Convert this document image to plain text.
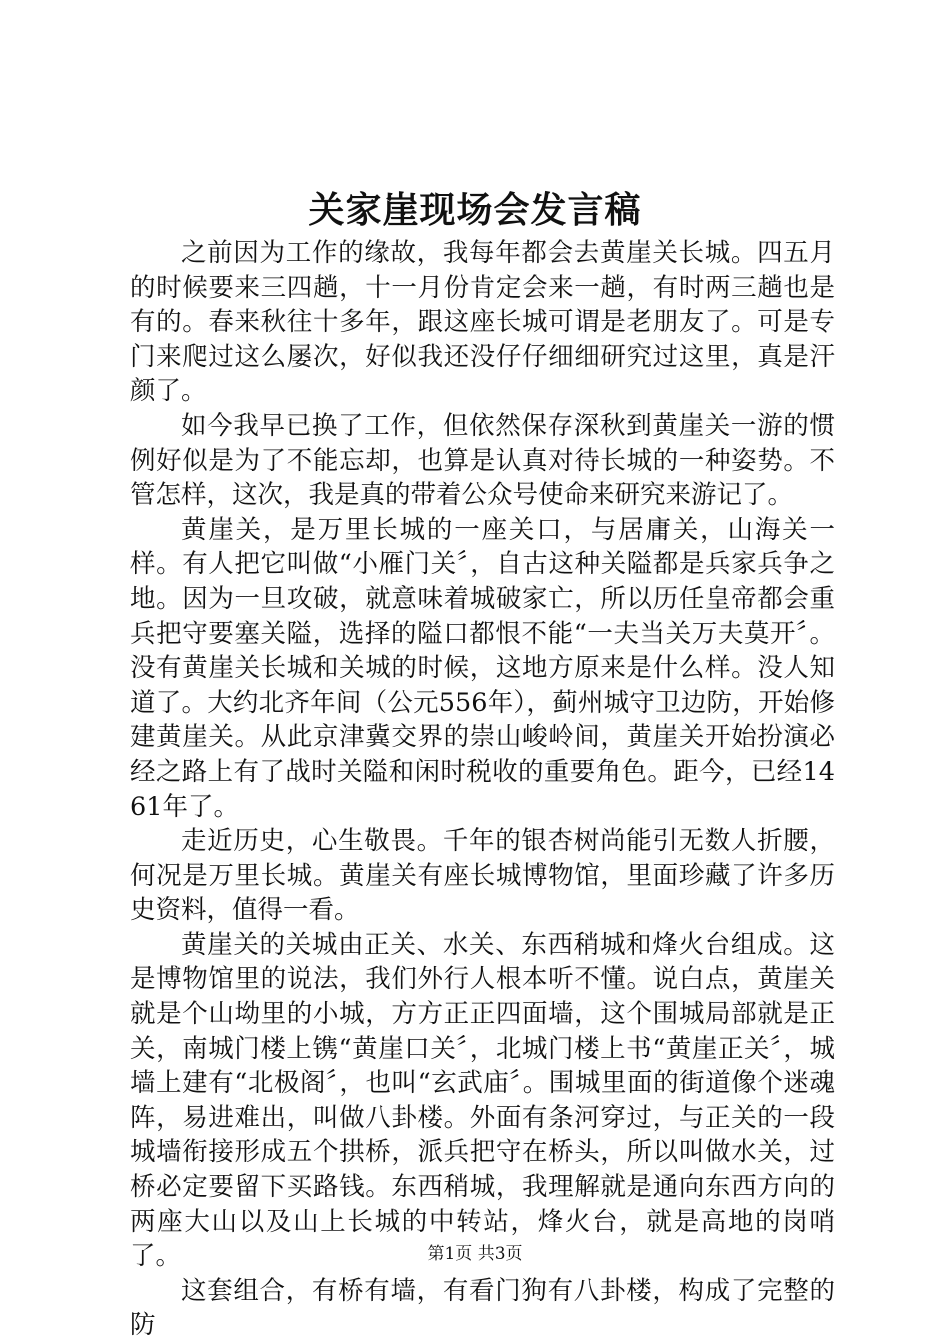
关家崖现场会发言稿

之前因为工作的缘故，我每年都会去黄崖关长城。四五月的时候要来三四趟，十一月份肯定会来一趟，有时两三趟也是有的。春来秋往十多年，跟这座长城可谓是老朋友了。可是专门来爬过这么屡次，好似我还没仔仔细细研究过这里，真是汗颜了。

如今我早已换了工作，但依然保存深秋到黄崖关一游的惯例好似是为了不能忘却，也算是认真对待长城的一种姿势。不管怎样，这次，我是真的带着公众号使命来研究来游记了。

黄崖关，是万里长城的一座关口，与居庸关，山海关一样。有人把它叫做“小雁门关〞，自古这种关隘都是兵家兵争之地。因为一旦攻破，就意味着城破家亡，所以历任皇帝都会重兵把守要塞关隘，选择的隘口都恨不能“一夫当关万夫莫开〞。没有黄崖关长城和关城的时候，这地方原来是什么样。没人知道了。大约北齐年间（公元556年），蓟州城守卫边防，开始修建黄崖关。从此京津冀交界的崇山峻岭间，黄崖关开始扮演必经之路上有了战时关隘和闲时税收的重要角色。距今，已经1461年了。

走近历史，心生敬畏。千年的银杏树尚能引无数人折腰，何况是万里长城。黄崖关有座长城博物馆，里面珍藏了许多历史资料，值得一看。

黄崖关的关城由正关、水关、东西稍城和烽火台组成。这是博物馆里的说法，我们外行人根本听不懂。说白点，黄崖关就是个山坳里的小城，方方正正四面墙，这个围城局部就是正关，南城门楼上镌“黄崖口关〞，北城门楼上书“黄崖正关〞，城墙上建有“北极阁〞，也叫“玄武庙〞。围城里面的街道像个迷魂阵，易进难出，叫做八卦楼。外面有条河穿过，与正关的一段城墙衔接形成五个拱桥，派兵把守在桥头，所以叫做水关，过桥必定要留下买路钱。东西稍城，我理解就是通向东西方向的两座大山以及山上长城的中转站，烽火台，就是高地的岗哨了。

这套组合，有桥有墙，有看门狗有八卦楼，构成了完整的防

第1页 共3页
